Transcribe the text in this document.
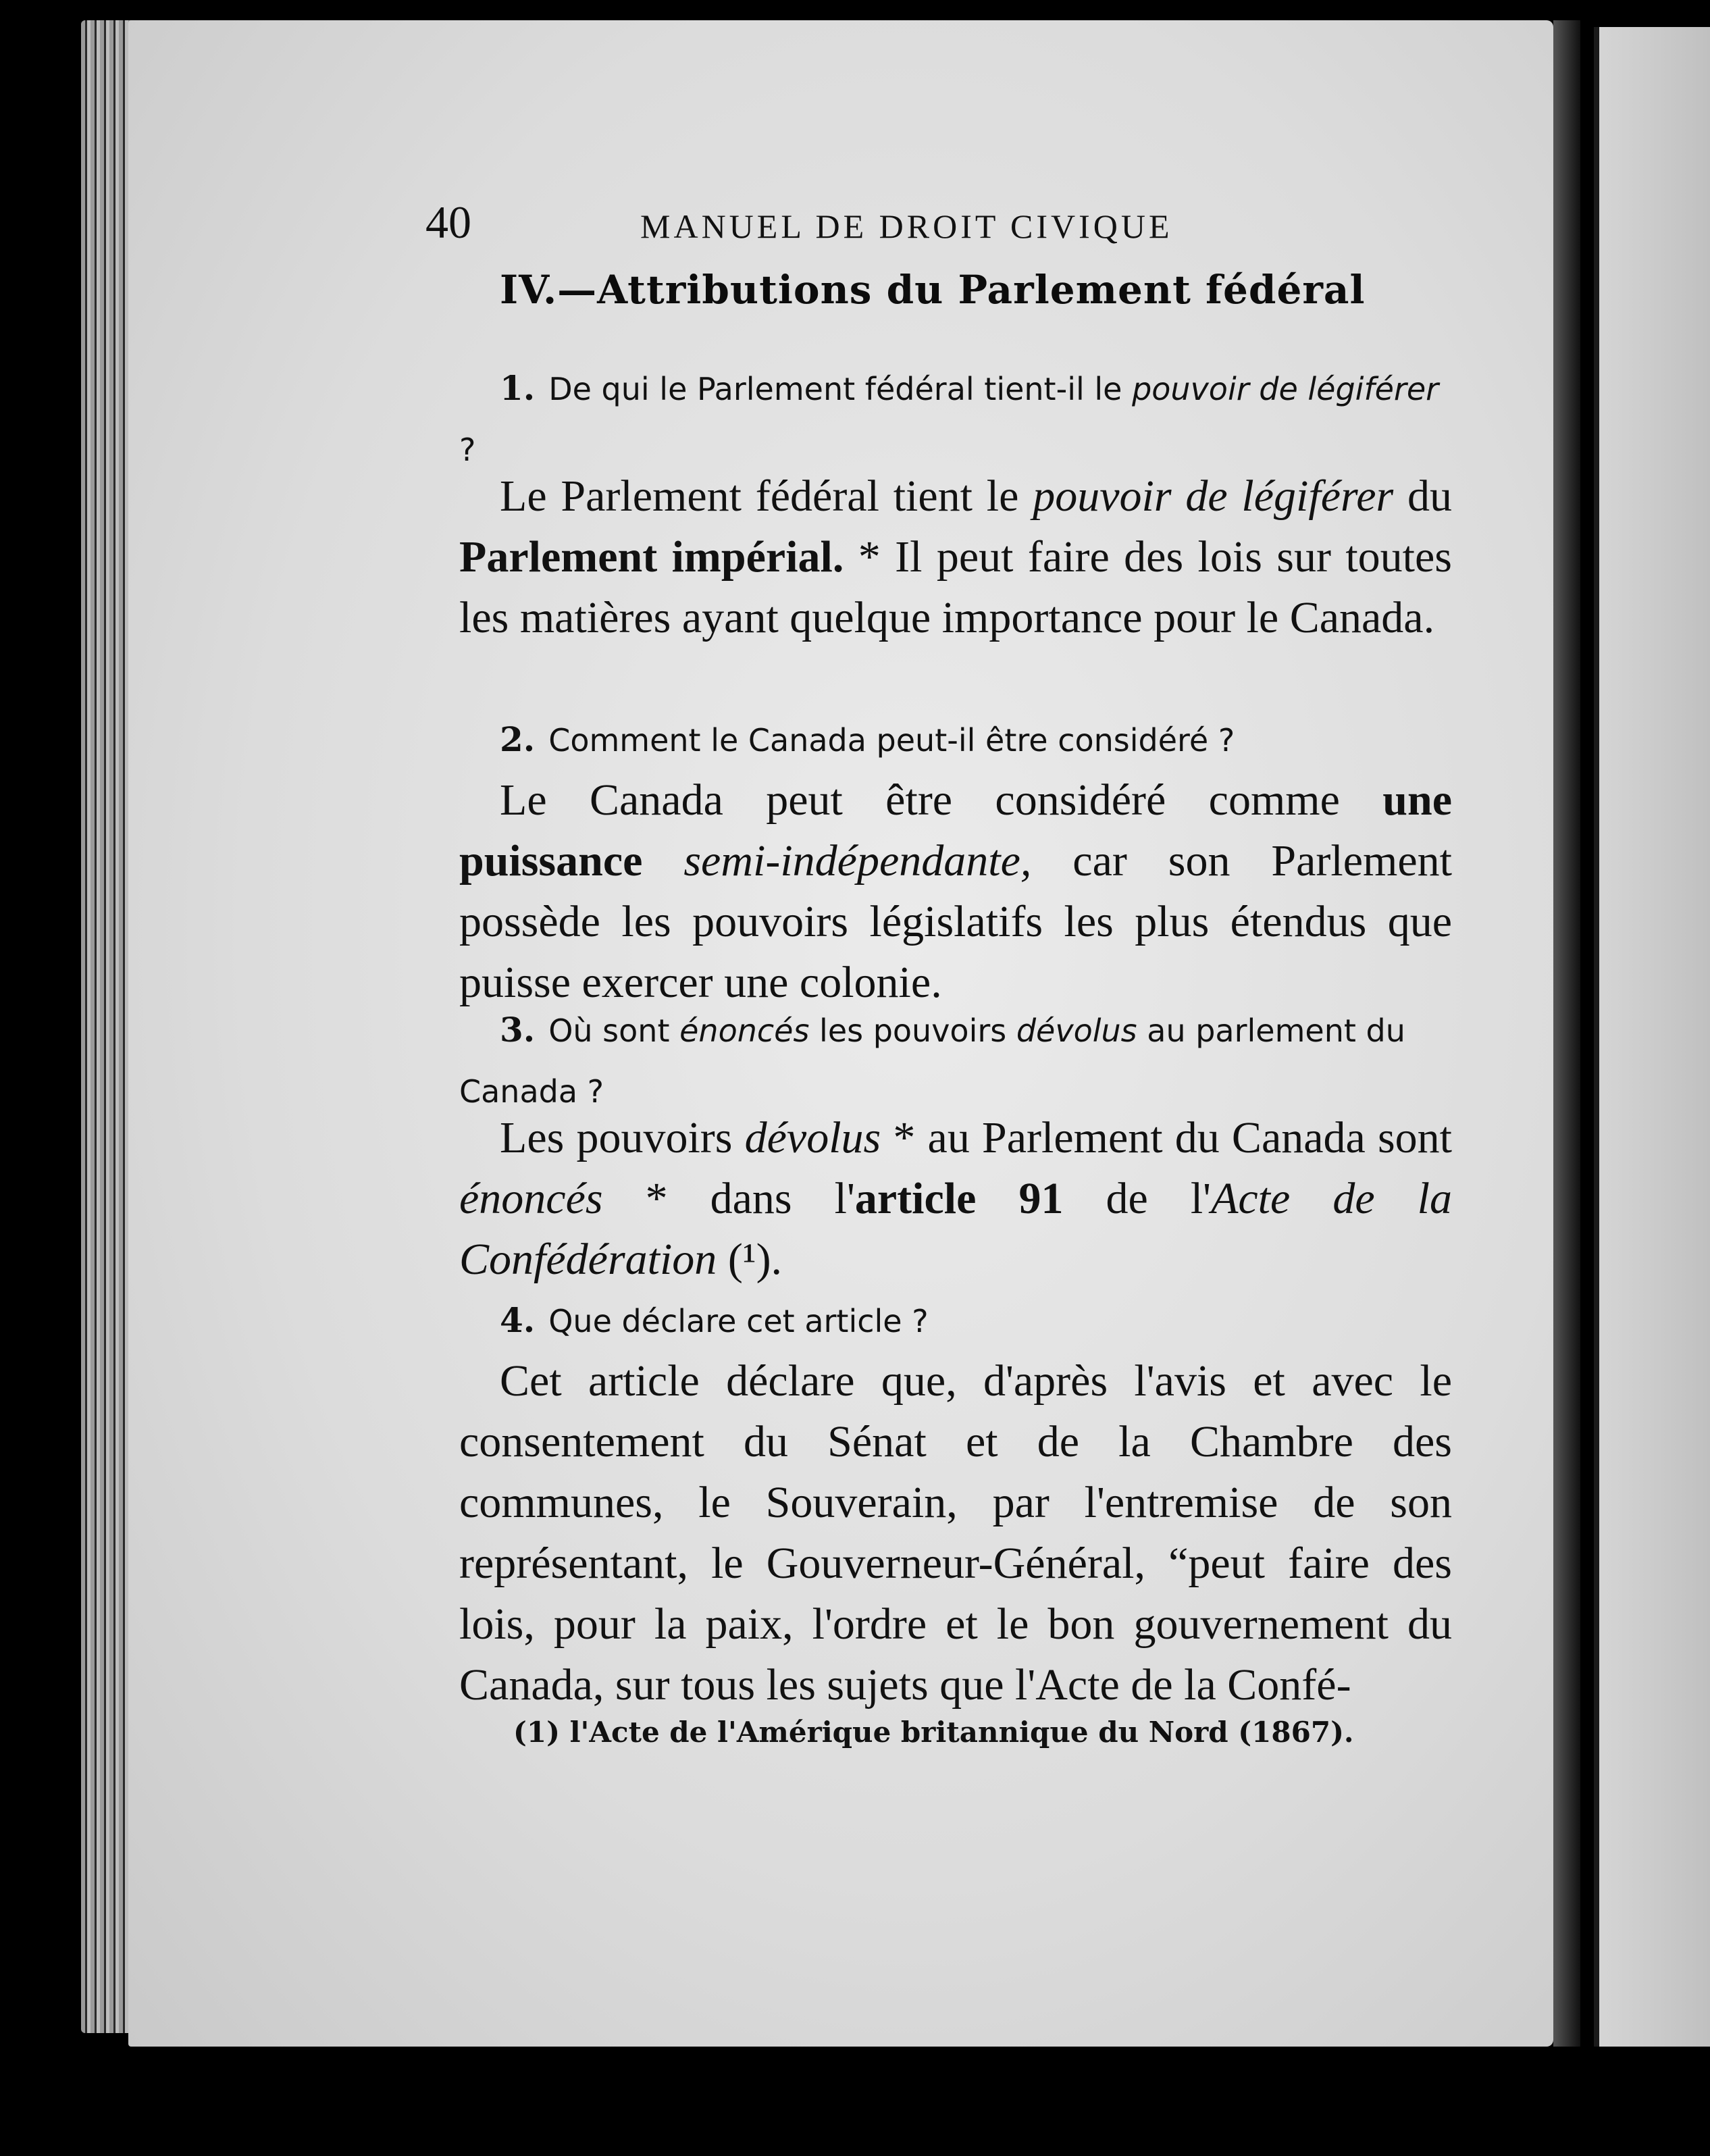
40	MANUEL DE DROIT CIVIQUE
IV.—Attributions du Parlement fédéral
1. De qui le Parlement fédéral tient-il le pouvoir de légiférer ?
Le Parlement fédéral tient le pouvoir de légiférer du Parlement impérial. * Il peut faire des lois sur toutes les matières ayant quelque importance pour le Canada.
2. Comment le Canada peut-il être considéré ?
Le Canada peut être considéré comme une puissance semi-indépendante, car son Parlement possède les pouvoirs législatifs les plus étendus que puisse exercer une colonie.
3. Où sont énoncés les pouvoirs dévolus au parlement du Canada ?
Les pouvoirs dévolus * au Parlement du Canada sont énoncés * dans l'article 91 de l'Acte de la Confédération (¹).
4. Que déclare cet article ?
Cet article déclare que, d'après l'avis et avec le consentement du Sénat et de la Chambre des communes, le Souverain, par l'entremise de son représentant, le Gouverneur-Général, “peut faire des lois, pour la paix, l'ordre et le bon gouvernement du Canada, sur tous les sujets que l'Acte de la Confé-
(1) l'Acte de l'Amérique britannique du Nord (1867).
